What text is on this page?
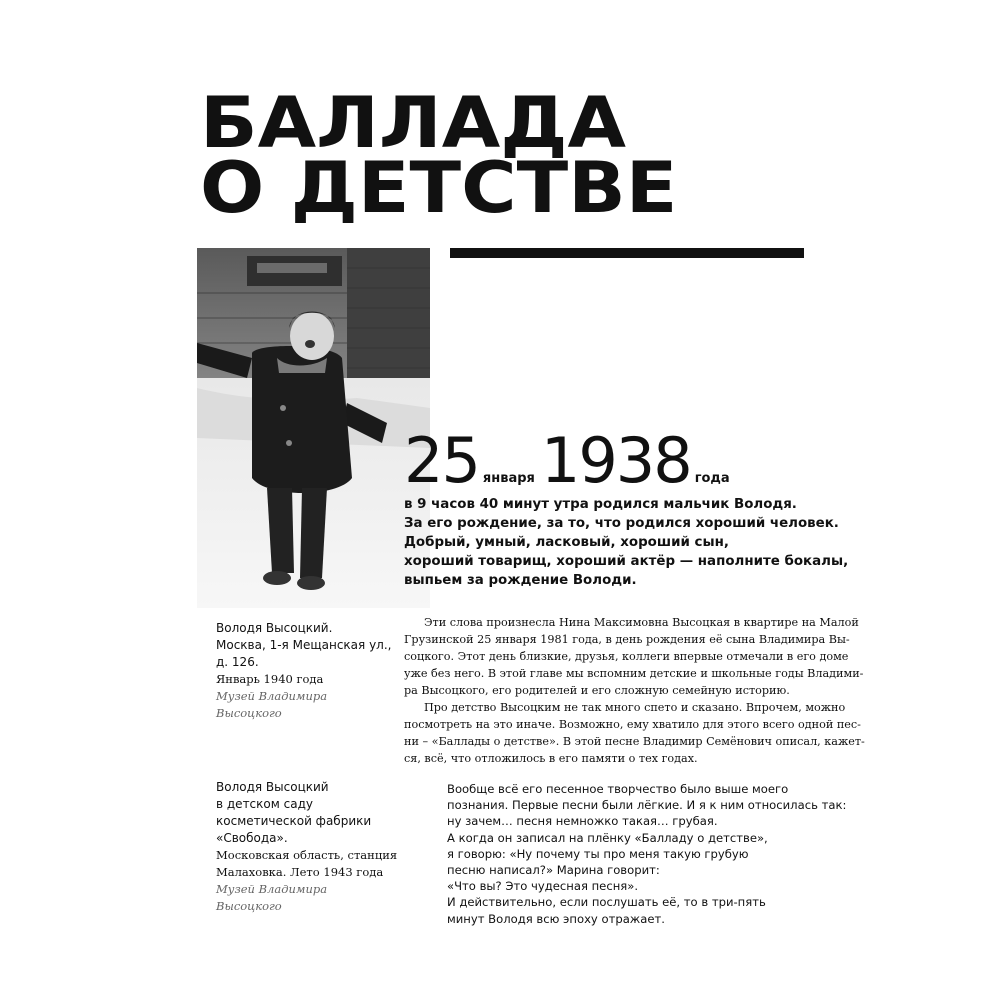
БАЛЛАДА
О ДЕТСТВЕ
25 января1938 года
в 9 часов 40 минут утра родился мальчик Володя.
За его рождение, за то, что родился хороший человек.
Добрый, умный, ласковый, хороший сын,
хороший товарищ, хороший актёр — наполните бокалы,
выпьем за рождение Володи.
Володя Высоцкий.
Москва, 1-я Мещанская ул.,
д. 126.
Январь 1940 года
Музей Владимира
Высоцкого
Володя Высоцкий
в детском саду
косметической фабрики
«Свобода».
Московская область, станция
Малаховка. Лето 1943 года
Музей Владимира
Высоцкого
Эти слова произнесла Нина Максимовна Высоцкая в квартире на Малой
Грузинской 25 января 1981 года, в день рождения её сына Владимира Вы-
соцкого. Этот день близкие, друзья, коллеги впервые отмечали в его доме
уже без него. В этой главе мы вспомним детские и школьные годы Владими-
ра Высоцкого, его родителей и его сложную семейную историю.
Про детство Высоцким не так много спето и сказано. Впрочем, можно
посмотреть на это иначе. Возможно, ему хватило для этого всего одной пес-
ни – «Баллады о детстве». В этой песне Владимир Семёнович описал, кажет-
ся, всё, что отложилось в его памяти о тех годах.
Вообще всё его песенное творчество было выше моего
познания. Первые песни были лёгкие. И я к ним относилась так:
ну зачем… песня немножко такая… грубая.
А когда он записал на плёнку «Балладу о детстве»,
я говорю: «Ну почему ты про меня такую грубую
песню написал?» Марина говорит:
«Что вы? Это чудесная песня».
И действительно, если послушать её, то в три-пять
минут Володя всю эпоху отражает.
